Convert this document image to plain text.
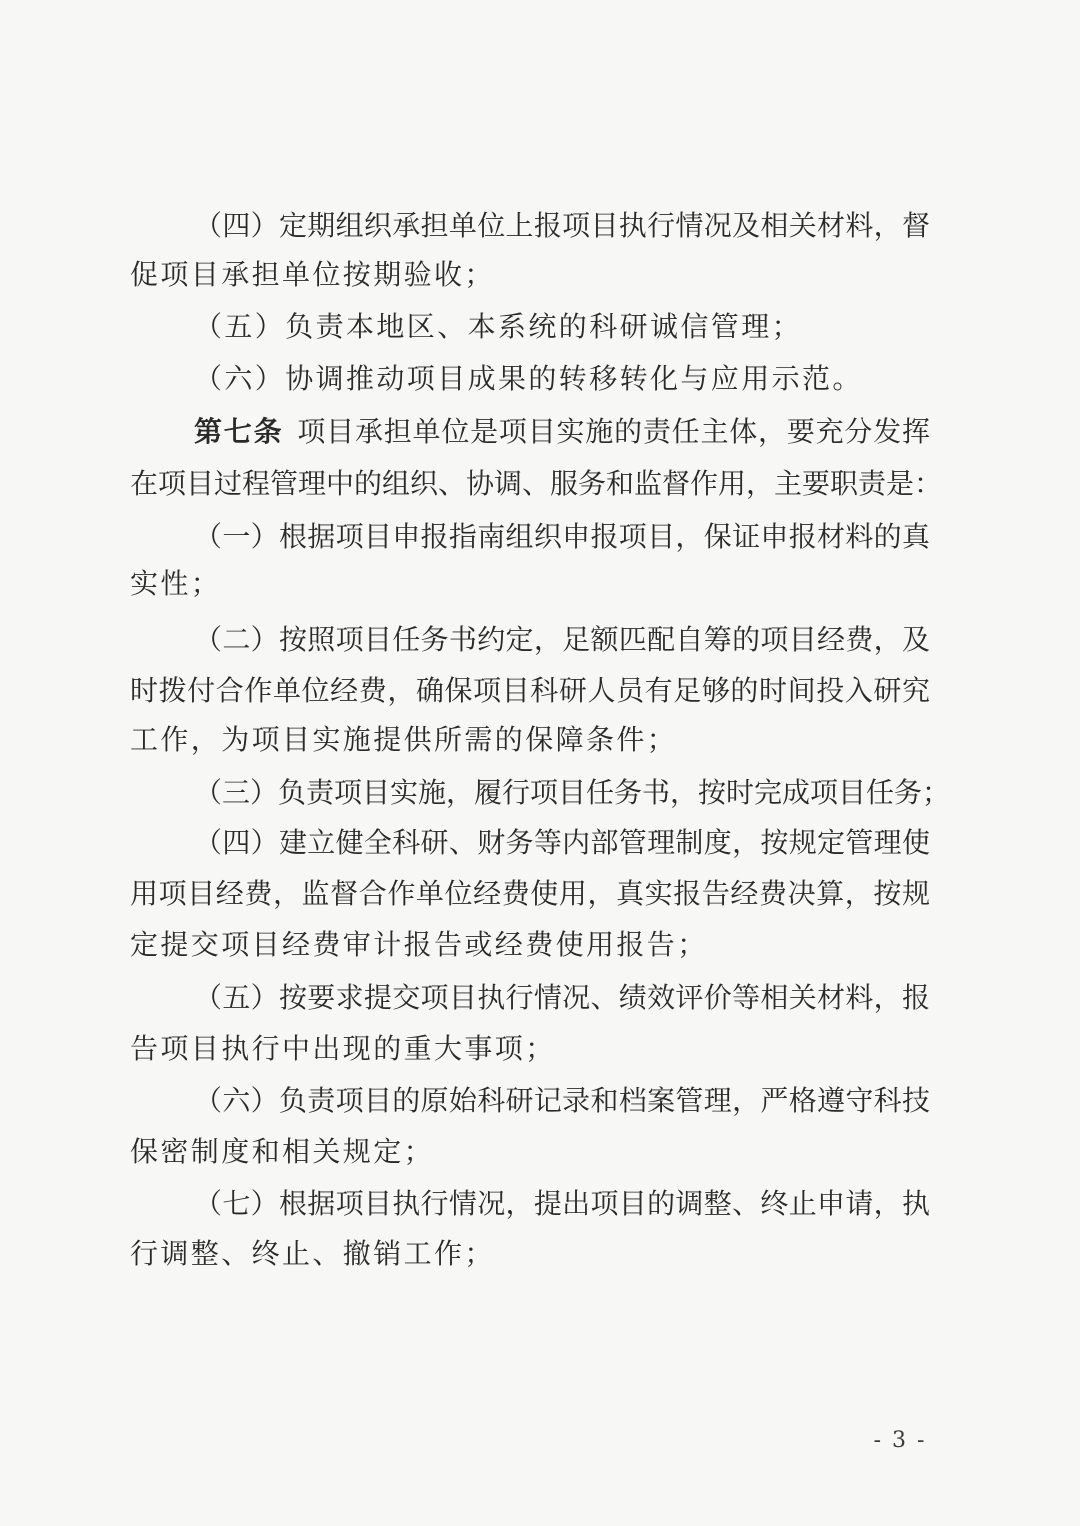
（四）定期组织承担单位上报项目执行情况及相关材料，督
促项目承担单位按期验收；
（五）负责本地区、本系统的科研诚信管理；
（六）协调推动项目成果的转移转化与应用示范。
第七条 项目承担单位是项目实施的责任主体，要充分发挥
在项目过程管理中的组织、协调、服务和监督作用，主要职责是：
（一）根据项目申报指南组织申报项目，保证申报材料的真
实性；
（二）按照项目任务书约定，足额匹配自筹的项目经费，及
时拨付合作单位经费，确保项目科研人员有足够的时间投入研究
工作，为项目实施提供所需的保障条件；
（三）负责项目实施，履行项目任务书，按时完成项目任务；
（四）建立健全科研、财务等内部管理制度，按规定管理使
用项目经费，监督合作单位经费使用，真实报告经费决算，按规
定提交项目经费审计报告或经费使用报告；
（五）按要求提交项目执行情况、绩效评价等相关材料，报
告项目执行中出现的重大事项；
（六）负责项目的原始科研记录和档案管理，严格遵守科技
保密制度和相关规定；
（七）根据项目执行情况，提出项目的调整、终止申请，执
行调整、终止、撤销工作；
- 3 -
